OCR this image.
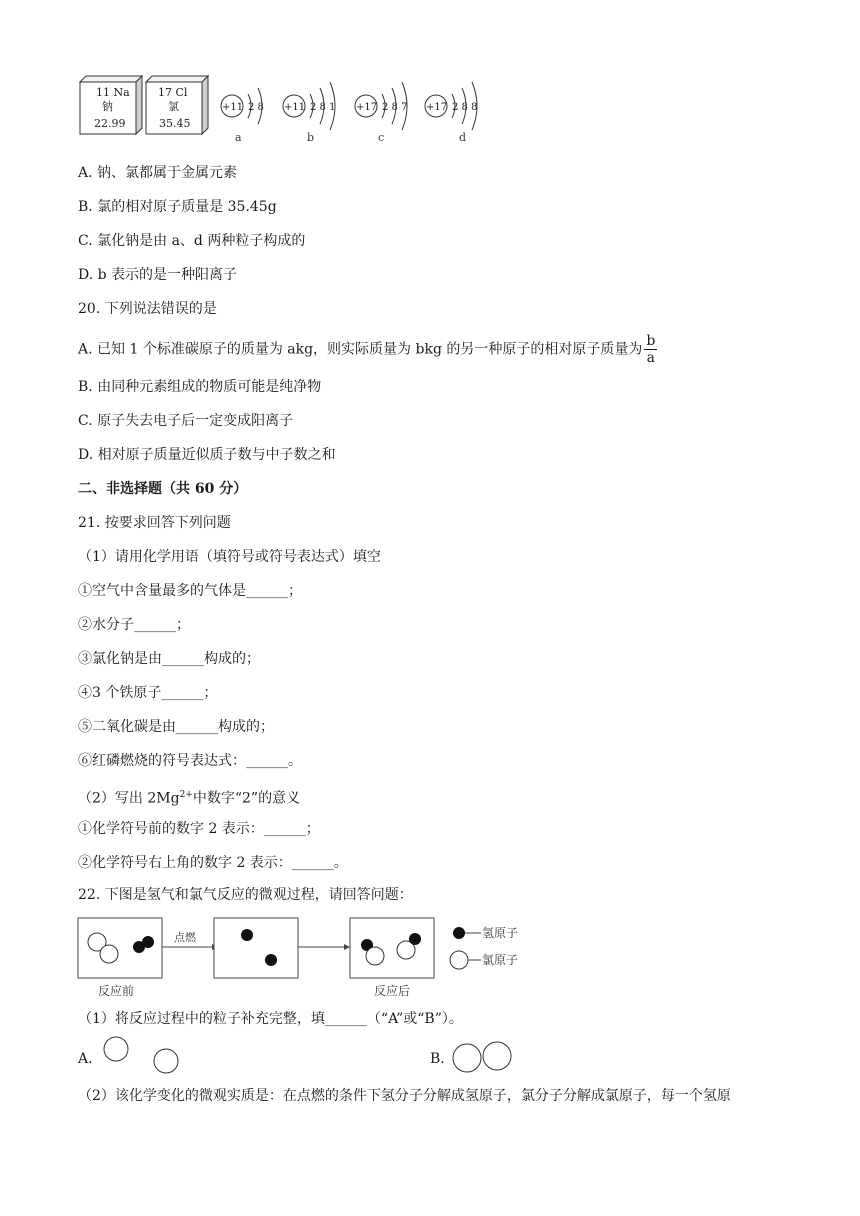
11 Na
钠
22.99
17 Cl
氯
35.45
+11 2 8
a
+11 2 8 1
b
+17 2 8 7
c
+17 2 8 8
d
A. 钠、氯都属于金属元素
B. 氯的相对原子质量是 35.45g
C. 氯化钠是由 a、d 两种粒子构成的
D. b 表示的是一种阳离子
20. 下列说法错误的是
A. 已知 1 个标准碳原子的质量为 akg，则实际质量为 bkg 的另一种原子的相对原子质量为 $\frac{b}{a}$
B. 由同种元素组成的物质可能是纯净物
C. 原子失去电子后一定变成阳离子
D. 相对原子质量近似质子数与中子数之和
二、非选择题（共 60 分）
21. 按要求回答下列问题
（1）请用化学用语（填符号或符号表达式）填空
①空气中含量最多的气体是______；
②水分子______；
③氯化钠是由______构成的；
④3 个铁原子______；
⑤二氧化碳是由______构成的；
⑥红磷燃烧的符号表达式：______。
（2）写出 $2Mg^{2+}$中数字“2”的意义
①化学符号前的数字 2 表示：______；
②化学符号右上角的数字 2 表示：______。
22. 下图是氢气和氯气反应的微观过程，请回答问题：
点燃	氢原子
氯原子
反应前	反应后
（1）将反应过程中的粒子补充完整，填______（“A”或“B”）。
A.	B.
（2）该化学变化的微观实质是：在点燃的条件下氢分子分解成氢原子，氯分子分解成氯原子，每一个氢原
